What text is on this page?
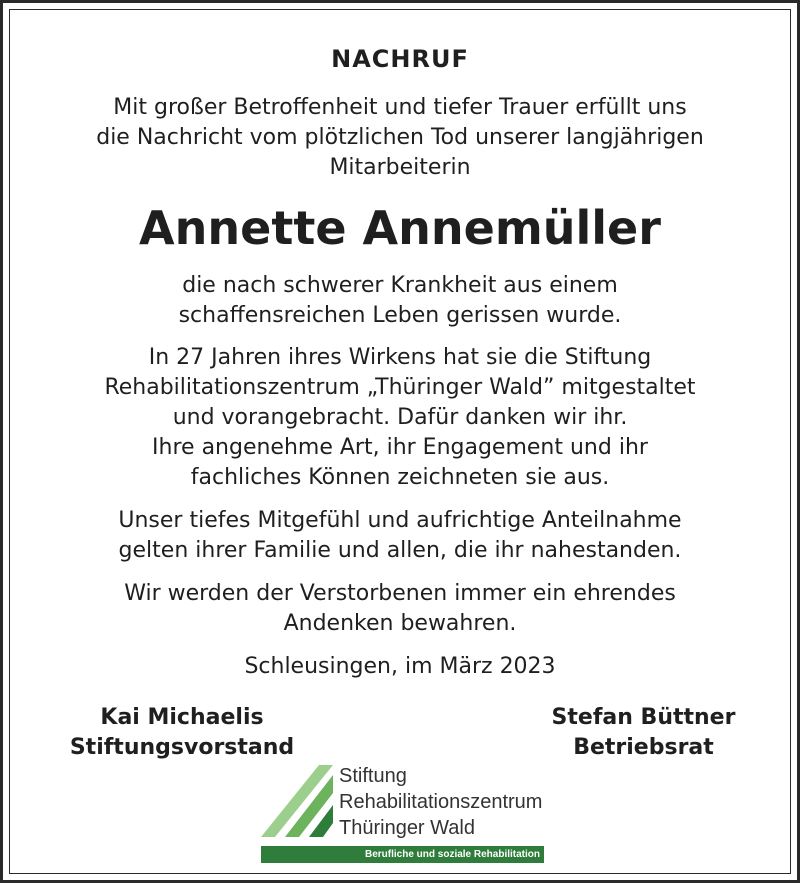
NACHRUF
Mit großer Betroffenheit und tiefer Trauer erfüllt uns
die Nachricht vom plötzlichen Tod unserer langjährigen
Mitarbeiterin
Annette Annemüller
die nach schwerer Krankheit aus einem
schaffensreichen Leben gerissen wurde.
In 27 Jahren ihres Wirkens hat sie die Stiftung
Rehabilitationszentrum „Thüringer Wald” mitgestaltet
und vorangebracht. Dafür danken wir ihr.
Ihre angenehme Art, ihr Engagement und ihr
fachliches Können zeichneten sie aus.
Unser tiefes Mitgefühl und aufrichtige Anteilnahme
gelten ihrer Familie und allen, die ihr nahestanden.
Wir werden der Verstorbenen immer ein ehrendes
Andenken bewahren.
Schleusingen, im März 2023
Kai Michaelis
Stiftungsvorstand
Stefan Büttner
Betriebsrat
Stiftung
Rehabilitationszentrum
Thüringer Wald
Berufliche und soziale Rehabilitation
